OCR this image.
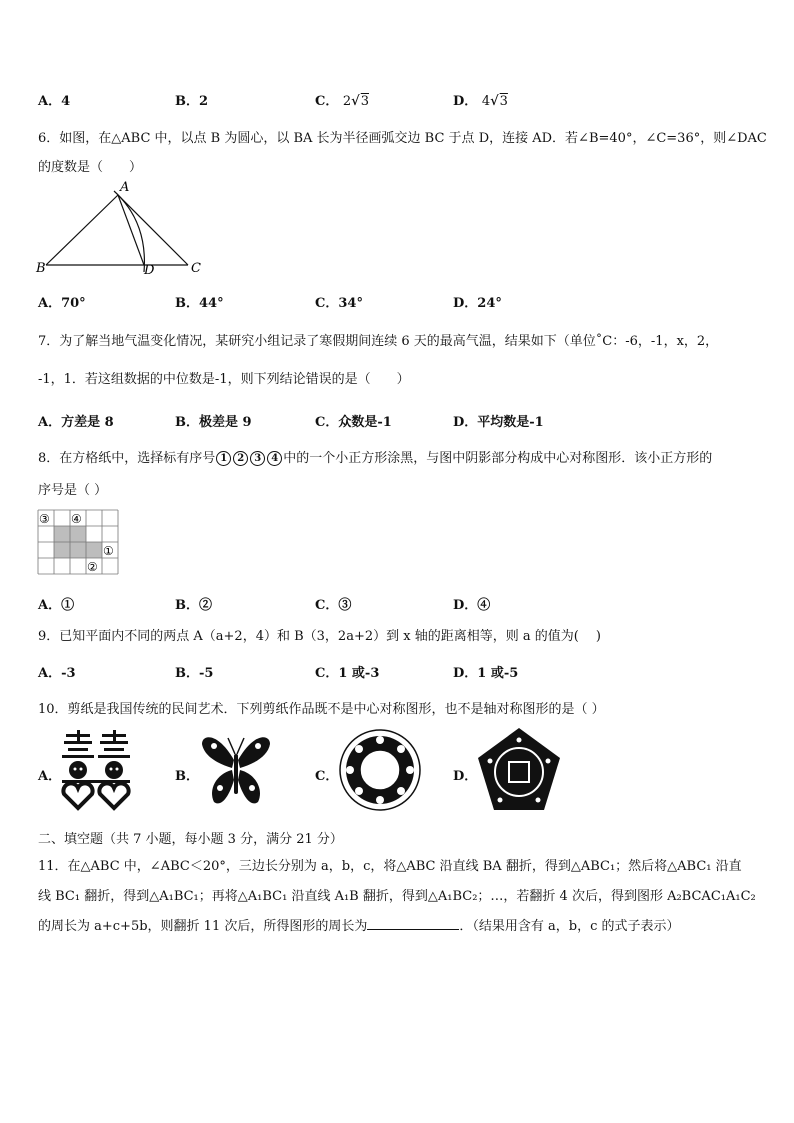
A．4	B．2	C． 2√3	D． 4√3
6．如图，在△ABC 中，以点 B 为圆心，以 BA 长为半径画弧交边 BC 于点 D，连接 AD．若∠B=40°，∠C=36°，则∠DAC
的度数是（　　）
A
B	C
D
A．70°	B．44°	C．34°	D．24°
7．为了解当地气温变化情况，某研究小组记录了寒假期间连续 6 天的最高气温，结果如下（单位˚C：-6，-1，x，2，
-1，1．若这组数据的中位数是-1，则下列结论错误的是（　　）
A．方差是 8	B．极差是 9	C．众数是-1	D．平均数是-1
8．在方格纸中，选择标有序号 1 2 3 4 中的一个小正方形涂黑，与图中阴影部分构成中心对称图形．该小正方形的
序号是（ ）
③ ④
①
②
A．①	B．②	C．③	D．④
9．已知平面内不同的两点 A（a+2，4）和 B（3，2a+2）到 x 轴的距离相等，则 a 的值为(　 )
A．-3	B．-5	C．1 或-3	D．1 或-5
10．剪纸是我国传统的民间艺术．下列剪纸作品既不是中心对称图形，也不是轴对称图形的是（ ）
A．	B．	C．	D．
二、填空题（共 7 小题，每小题 3 分，满分 21 分）
11．在△ABC 中，∠ABC＜20°，三边长分别为 a，b，c，将△ABC 沿直线 BA 翻折，得到△ABC₁；然后将△ABC₁ 沿直
线 BC₁ 翻折，得到△A₁BC₁；再将△A₁BC₁ 沿直线 A₁B 翻折，得到△A₁BC₂；…，若翻折 4 次后，得到图形 A₂BCAC₁A₁C₂
的周长为 a+c+5b，则翻折 11 次后，所得图形的周长为	．（结果用含有 a，b，c 的式子表示）
